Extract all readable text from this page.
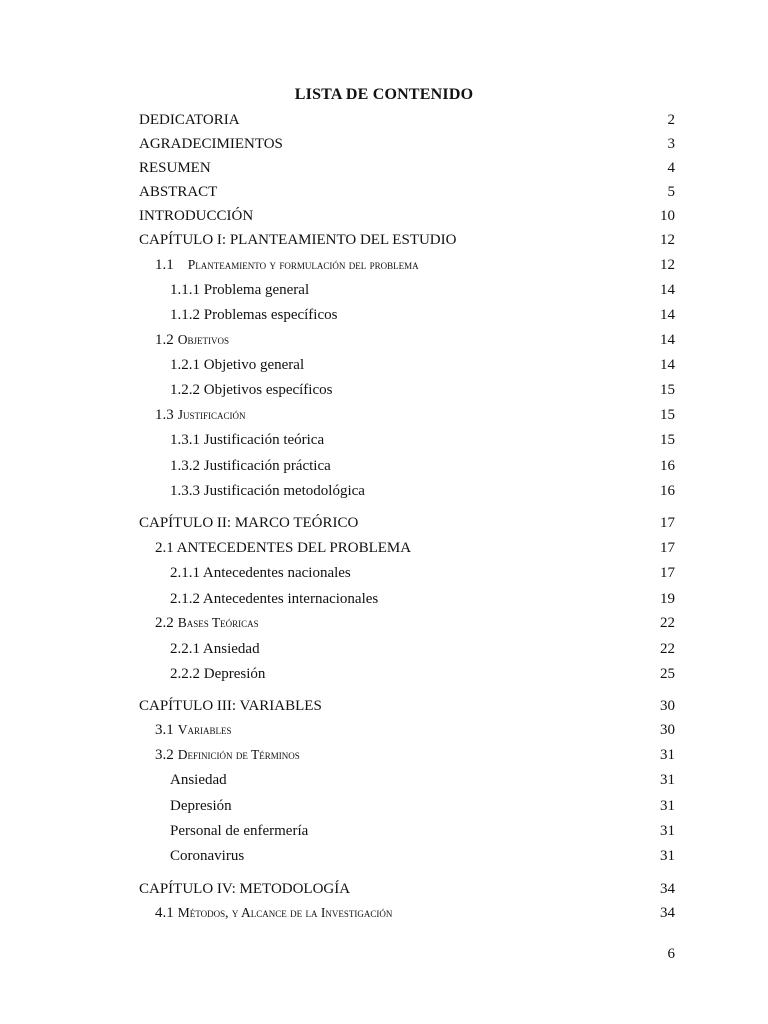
LISTA DE CONTENIDO
DEDICATORIA	2
AGRADECIMIENTOS	3
RESUMEN	4
ABSTRACT	5
INTRODUCCIÓN	10
CAPÍTULO I: PLANTEAMIENTO DEL ESTUDIO	12
1.1 Planteamiento y formulación del problema	12
1.1.1 Problema general	14
1.1.2 Problemas específicos	14
1.2 Objetivos	14
1.2.1 Objetivo general	14
1.2.2 Objetivos específicos	15
1.3 Justificación	15
1.3.1 Justificación teórica	15
1.3.2 Justificación práctica	16
1.3.3 Justificación metodológica	16
CAPÍTULO II: MARCO TEÓRICO	17
2.1 ANTECEDENTES DEL PROBLEMA	17
2.1.1 Antecedentes nacionales	17
2.1.2 Antecedentes internacionales	19
2.2 Bases Teóricas	22
2.2.1 Ansiedad	22
2.2.2 Depresión	25
CAPÍTULO III: VARIABLES	30
3.1 Variables	30
3.2 Definición de Términos	31
Ansiedad	31
Depresión	31
Personal de enfermería	31
Coronavirus	31
CAPÍTULO IV: METODOLOGÍA	34
4.1 Métodos, y Alcance de la Investigación	34
6
